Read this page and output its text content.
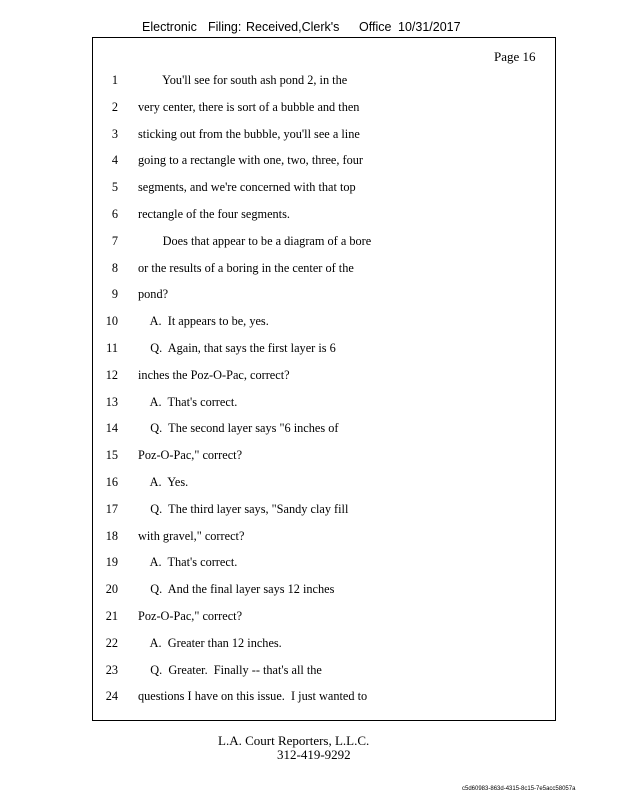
Electronic Filing: Received,Clerk's Office 10/31/2017
Page 16
1 You'll see for south ash pond 2, in the
2 very center, there is sort of a bubble and then
3 sticking out from the bubble, you'll see a line
4 going to a rectangle with one, two, three, four
5 segments, and we're concerned with that top
6 rectangle of the four segments.
7 Does that appear to be a diagram of a bore
8 or the results of a boring in the center of the
9 pond?
10 A.  It appears to be, yes.
11 Q.  Again, that says the first layer is 6
12 inches the Poz-O-Pac, correct?
13 A.  That's correct.
14 Q.  The second layer says "6 inches of
15 Poz-O-Pac," correct?
16 A.  Yes.
17 Q.  The third layer says, "Sandy clay fill
18 with gravel," correct?
19 A.  That's correct.
20 Q.  And the final layer says 12 inches
21 Poz-O-Pac," correct?
22 A.  Greater than 12 inches.
23 Q.  Greater.  Finally -- that's all the
24 questions I have on this issue.  I just wanted to
L.A. Court Reporters, L.L.C.
312-419-9292
c5d60983-863d-4315-8c15-7e5acc58057a
